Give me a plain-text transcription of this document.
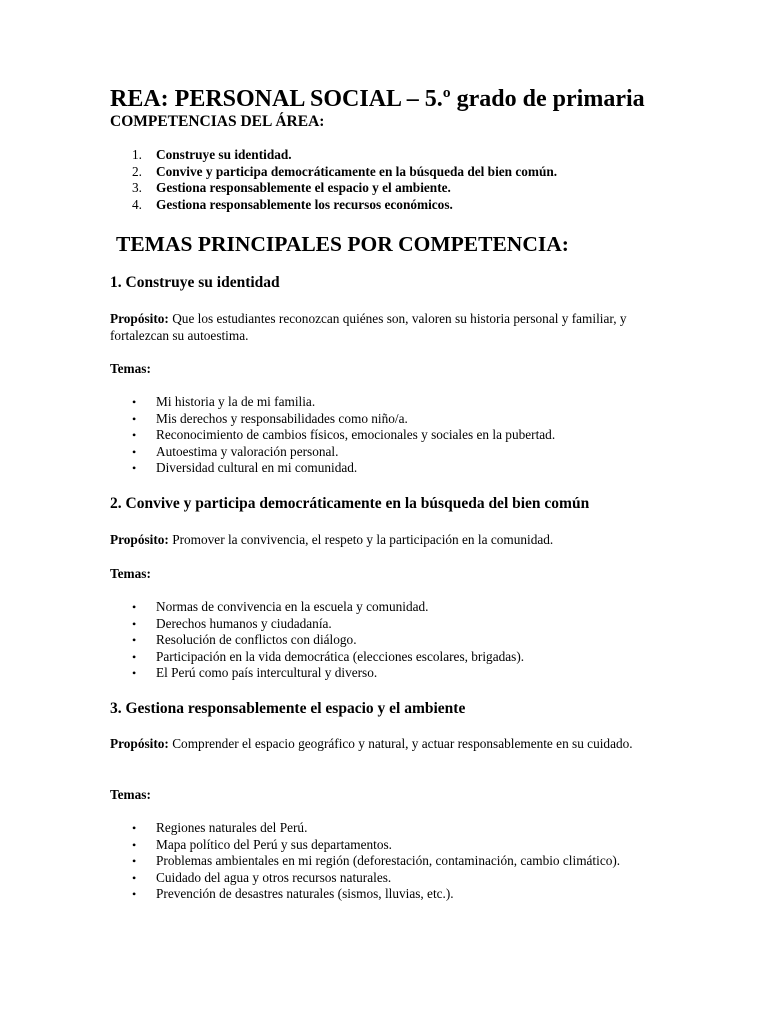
REA: PERSONAL SOCIAL – 5.º grado de primaria
COMPETENCIAS DEL ÁREA:
1. Construye su identidad.
2. Convive y participa democráticamente en la búsqueda del bien común.
3. Gestiona responsablemente el espacio y el ambiente.
4. Gestiona responsablemente los recursos económicos.
TEMAS PRINCIPALES POR COMPETENCIA:
1. Construye su identidad
Propósito: Que los estudiantes reconozcan quiénes son, valoren su historia personal y familiar, y fortalezcan su autoestima.
Temas:
• Mi historia y la de mi familia.
• Mis derechos y responsabilidades como niño/a.
• Reconocimiento de cambios físicos, emocionales y sociales en la pubertad.
• Autoestima y valoración personal.
• Diversidad cultural en mi comunidad.
2. Convive y participa democráticamente en la búsqueda del bien común
Propósito: Promover la convivencia, el respeto y la participación en la comunidad.
Temas:
• Normas de convivencia en la escuela y comunidad.
• Derechos humanos y ciudadanía.
• Resolución de conflictos con diálogo.
• Participación en la vida democrática (elecciones escolares, brigadas).
• El Perú como país intercultural y diverso.
3. Gestiona responsablemente el espacio y el ambiente
Propósito: Comprender el espacio geográfico y natural, y actuar responsablemente en su cuidado.
Temas:
• Regiones naturales del Perú.
• Mapa político del Perú y sus departamentos.
• Problemas ambientales en mi región (deforestación, contaminación, cambio climático).
• Cuidado del agua y otros recursos naturales.
• Prevención de desastres naturales (sismos, lluvias, etc.).
